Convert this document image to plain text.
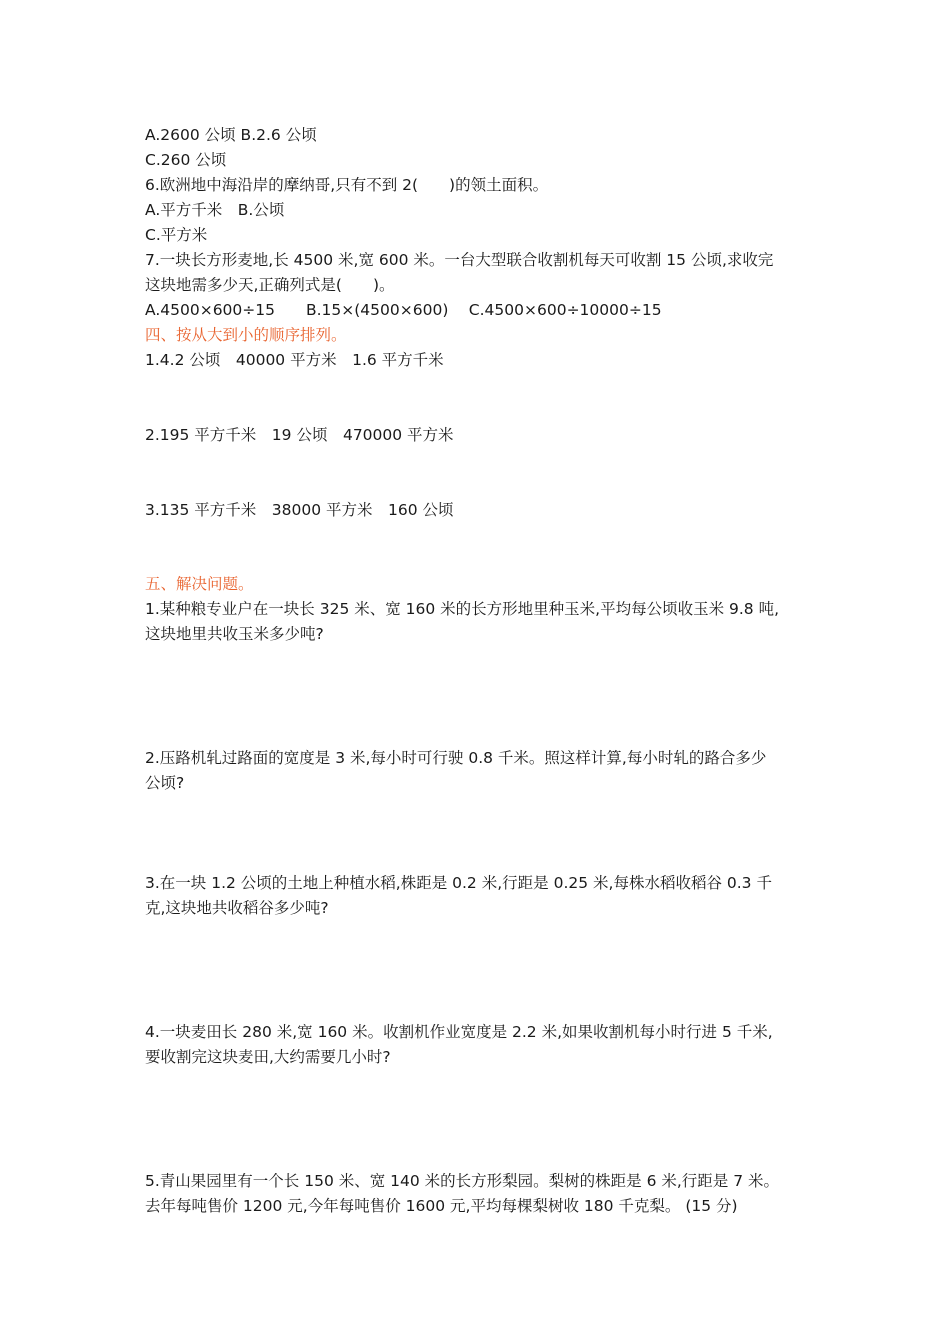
A.2600 公顷 B.2.6 公顷
C.260 公顷
6.欧洲地中海沿岸的摩纳哥,只有不到 2(　　)的领土面积。
A.平方千米　B.公顷
C.平方米
7.一块长方形麦地,长 4500 米,宽 600 米。一台大型联合收割机每天可收割 15 公顷,求收完
这块地需多少天,正确列式是(　　)。
A.4500×600÷15　　B.15×(4500×600)　 C.4500×600÷10000÷15
四、按从大到小的顺序排列。
1.4.2 公顷　40000 平方米　1.6 平方千米
2.195 平方千米　19 公顷　470000 平方米
3.135 平方千米　38000 平方米　160 公顷
五、解决问题。
1.某种粮专业户在一块长 325 米、宽 160 米的长方形地里种玉米,平均每公顷收玉米 9.8 吨,
这块地里共收玉米多少吨?
2.压路机轧过路面的宽度是 3 米,每小时可行驶 0.8 千米。照这样计算,每小时轧的路合多少
公顷?
3.在一块 1.2 公顷的土地上种植水稻,株距是 0.2 米,行距是 0.25 米,每株水稻收稻谷 0.3 千
克,这块地共收稻谷多少吨?
4.一块麦田长 280 米,宽 160 米。收割机作业宽度是 2.2 米,如果收割机每小时行进 5 千米,
要收割完这块麦田,大约需要几小时?
5.青山果园里有一个长 150 米、宽 140 米的长方形梨园。梨树的株距是 6 米,行距是 7 米。
去年每吨售价 1200 元,今年每吨售价 1600 元,平均每棵梨树收 180 千克梨。 (15 分)
